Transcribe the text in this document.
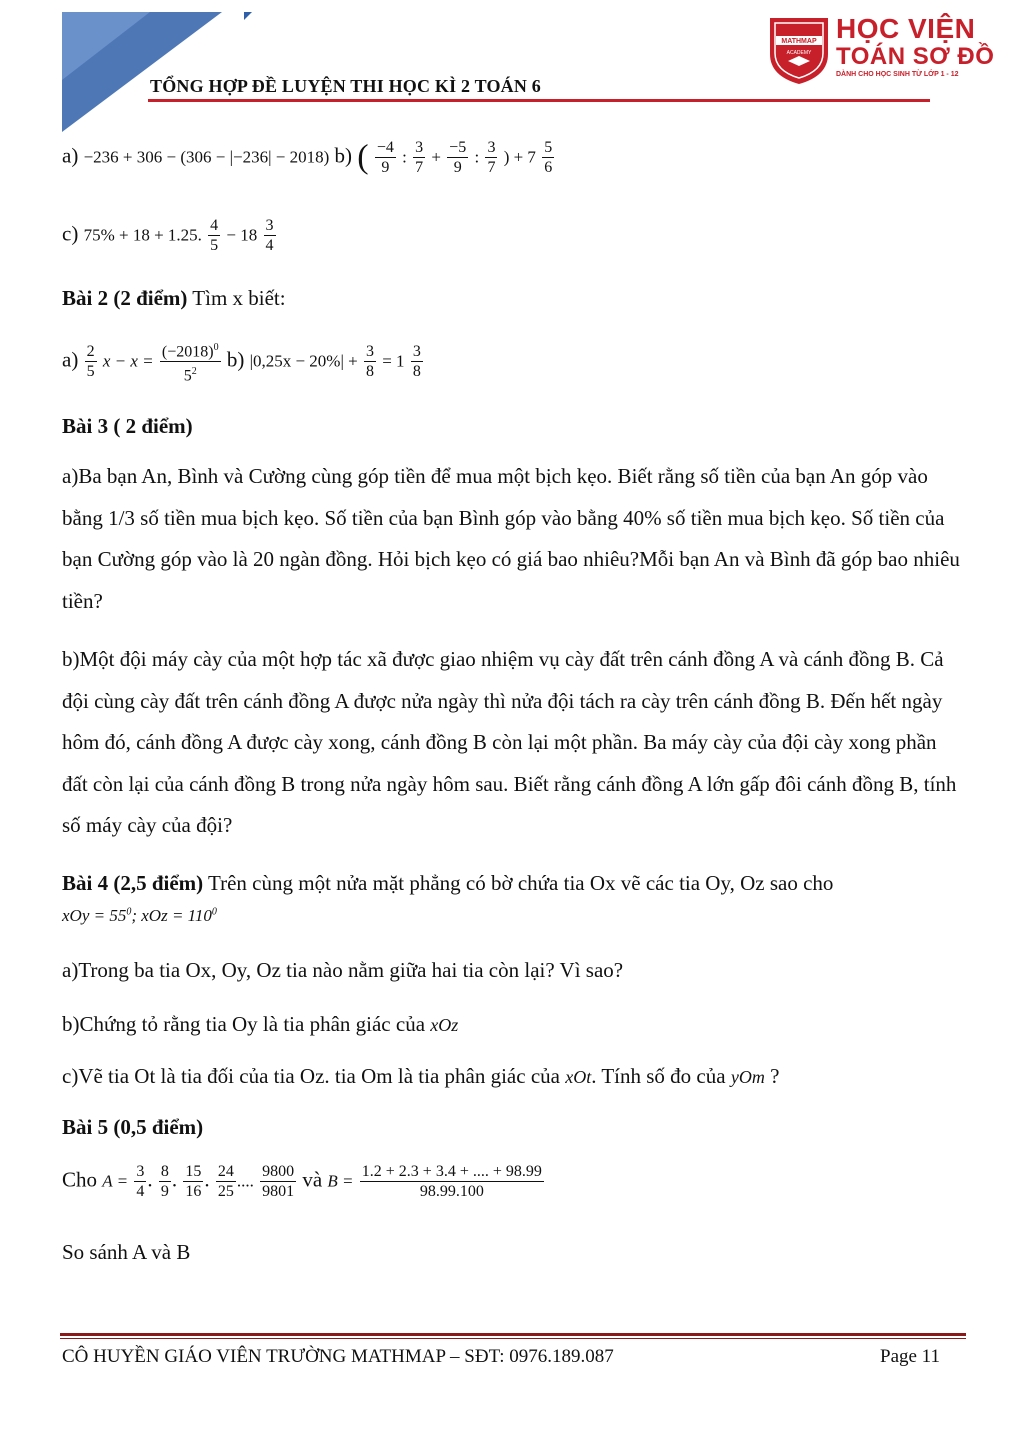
TỔNG HỢP ĐỀ LUYỆN THI HỌC KÌ 2 TOÁN 6
MATHMAP
ACADEMY
HỌC VIỆN
TOÁN SƠ ĐỒ
DÀNH CHO HỌC SINH TỪ LỚP 1 - 12
a) −236 + 306 − (306 − |−236| − 2018) b) ( $\frac{-4}{9}$ : $\frac{3}{7} + \frac{-5}{9}$ : $\frac{3}{7}$ ) + $7 \frac{5}{6}$
c) 75% + 18 + 1.25. $\frac{4}{5} - 18 \frac{3}{4}$
Bài 2 (2 điểm) Tìm x biết:
$a) \frac{2}{5}$ $x - x = \frac{(-2018)^0}{5^2} b$) $|0,25x - 20\%| + \frac{3}{8} = 1 \frac{3}{8}$
Bài 3 ( 2 điểm)
a)Ba bạn An, Bình và Cường cùng góp tiền để mua một bịch kẹo. Biết rằng số tiền của bạn An góp vào bằng 1/3 số tiền mua bịch kẹo. Số tiền của bạn Bình góp vào bằng 40% số tiền mua bịch kẹo. Số tiền của bạn Cường góp vào là 20 ngàn đồng. Hỏi bịch kẹo có giá bao nhiêu?Mỗi bạn An và Bình đã góp bao nhiêu tiền?
b)Một đội máy cày của một hợp tác xã được giao nhiệm vụ cày đất trên cánh đồng A và cánh đồng B. Cả đội cùng cày đất trên cánh đồng A được nửa ngày thì nửa đội tách ra cày trên cánh đồng B. Đến hết ngày hôm đó, cánh đồng A được cày xong, cánh đồng B còn lại một phần. Ba máy cày của đội cày xong phần đất còn lại của cánh đồng B trong nửa ngày hôm sau. Biết rằng cánh đồng A lớn gấp đôi cánh đồng B, tính số máy cày của đội?
Bài 4 (2,5 điểm) Trên cùng một nửa mặt phẳng có bờ chứa tia Ox vẽ các tia Oy, Oz sao cho
xOy = $55^0$; xOz = $110^0$
a)Trong ba tia Ox, Oy, Oz tia nào nằm giữa hai tia còn lại? Vì sao?
b)Chứng tỏ rằng tia Oy là tia phân giác của xOz
c)Vẽ tia Ot là tia đối của tia Oz. tia Om là tia phân giác của xOt. Tính số đo của yOm ?
Bài 5 (0,5 điểm)
Cho $A = \frac{3}{4}$ . $\frac{8}{9}$ . $\frac{15}{16}$ . $\frac{24}{25}$ .... $\frac{9800}{9801}$ và $B = \frac{1.2 + 2.3 + 3.4 + .... + 98.99}{98.99.100}$
So sánh A và B
CÔ HUYỀN GIÁO VIÊN TRƯỜNG MATHMAP – SĐT: 0976.189.087	Page 11
